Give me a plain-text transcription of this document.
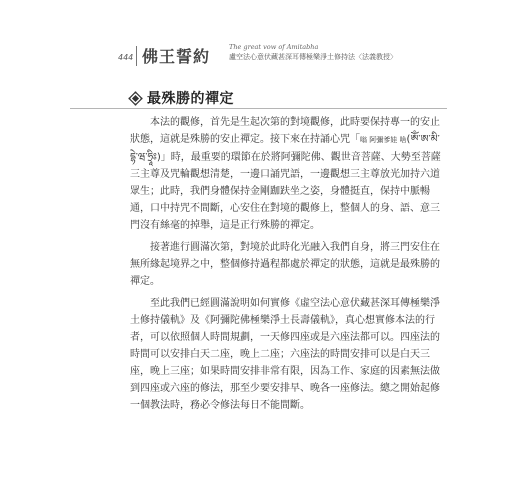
444 佛王誓約	The great vow of Amitabha
盧空法心意伏藏甚深耳傳極樂淨土修持法〈法義教授〉
最殊勝的禪定

本法的觀修，首先是生起次第的對境觀修，此時要保持專一的安止狀態，這就是殊勝的安止禪定。接下來在持誦心咒「嗡 阿彌爹娃 啥(ཨོཾ་ཨ་མི་དྷེ་ཝ་ཧྲཱིཿ)」時，最重要的環節在於將阿彌陀佛、觀世音菩薩、大勢至菩薩三主尊及咒輪觀想清楚，一邊口誦咒語，一邊觀想三主尊放光加持六道眾生；此時，我們身體保持金剛跏趺坐之姿，身體挺直，保持中脈暢通，口中持咒不間斷，心安住在對境的觀修上，整個人的身、語、意三門沒有絲毫的掉舉，這是正行殊勝的禪定。

接著進行圓滿次第，對境於此時化光融入我們自身，將三門安住在無所緣起境界之中，整個修持過程都處於禪定的狀態，這就是最殊勝的禪定。

至此我們已經圓滿說明如何實修《虛空法心意伏藏甚深耳傳極樂淨土修持儀軌》及《阿彌陀佛極樂淨土長壽儀軌》，真心想實修本法的行者，可以依照個人時間規劃，一天修四座或是六座法都可以。四座法的時間可以安排白天二座，晚上二座；六座法的時間安排可以是白天三座，晚上三座；如果時間安排非常有限，因為工作、家庭的因素無法做到四座或六座的修法，那至少要安排早、晚各一座修法。總之開始起修一個教法時，務必令修法每日不能間斷。
